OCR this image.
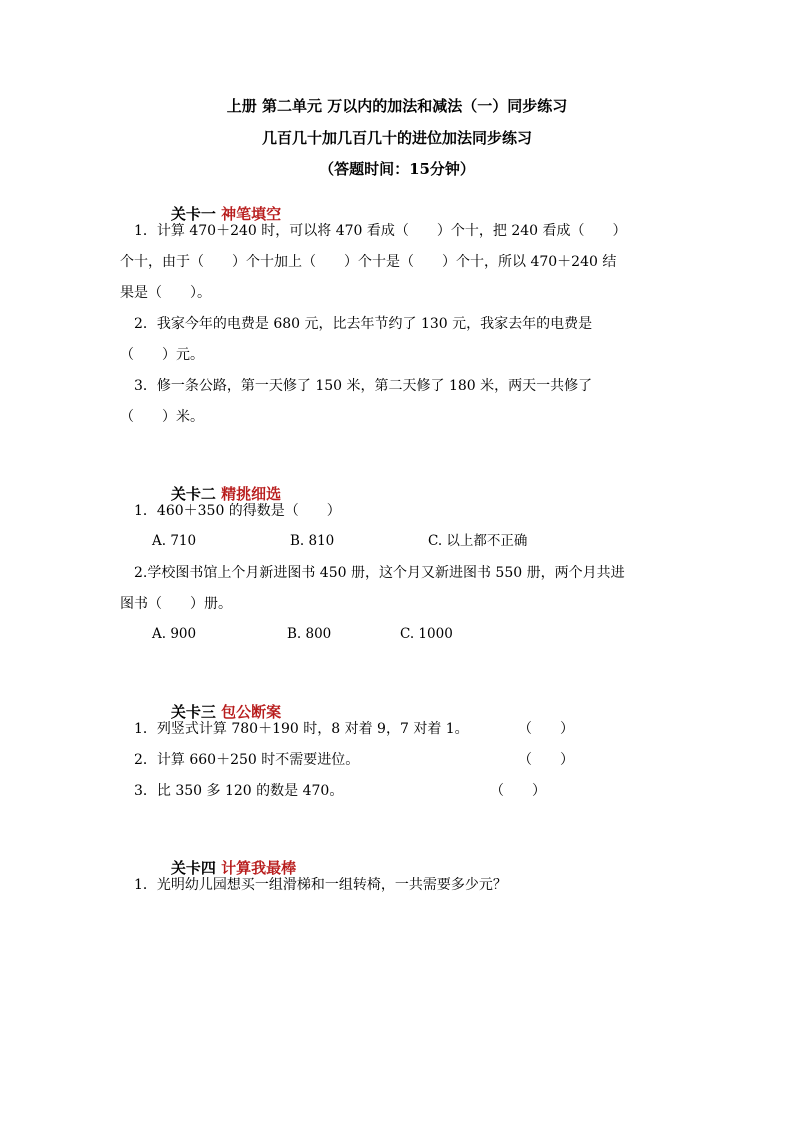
上册 第二单元 万以内的加法和减法（一）同步练习
几百几十加几百几十的进位加法同步练习
（答题时间：15分钟）

关卡一 神笔填空

1．计算 470＋240 时，可以将 470 看成（　　）个十，把 240 看成（　　）
个十，由于（　　）个十加上（　　）个十是（　　）个十，所以 470＋240 结
果是（　　）。
2．我家今年的电费是 680 元，比去年节约了 130 元，我家去年的电费是
（　　）元。
3．修一条公路，第一天修了 150 米，第二天修了 180 米，两天一共修了
（　　）米。

关卡二 精挑细选

1．460＋350 的得数是（　　）
A. 710	B. 810	C. 以上都不正确
2.学校图书馆上个月新进图书 450 册，这个月又新进图书 550 册，两个月共进
图书（　　）册。
A. 900	B. 800	C. 1000

关卡三 包公断案

1．列竖式计算 780＋190 时，8 对着 9，7 对着 1。	（　　）
2．计算 660＋250 时不需要进位。	（　　）
3．比 350 多 120 的数是 470。	（　　）

关卡四 计算我最棒

1．光明幼儿园想买一组滑梯和一组转椅，一共需要多少元？
